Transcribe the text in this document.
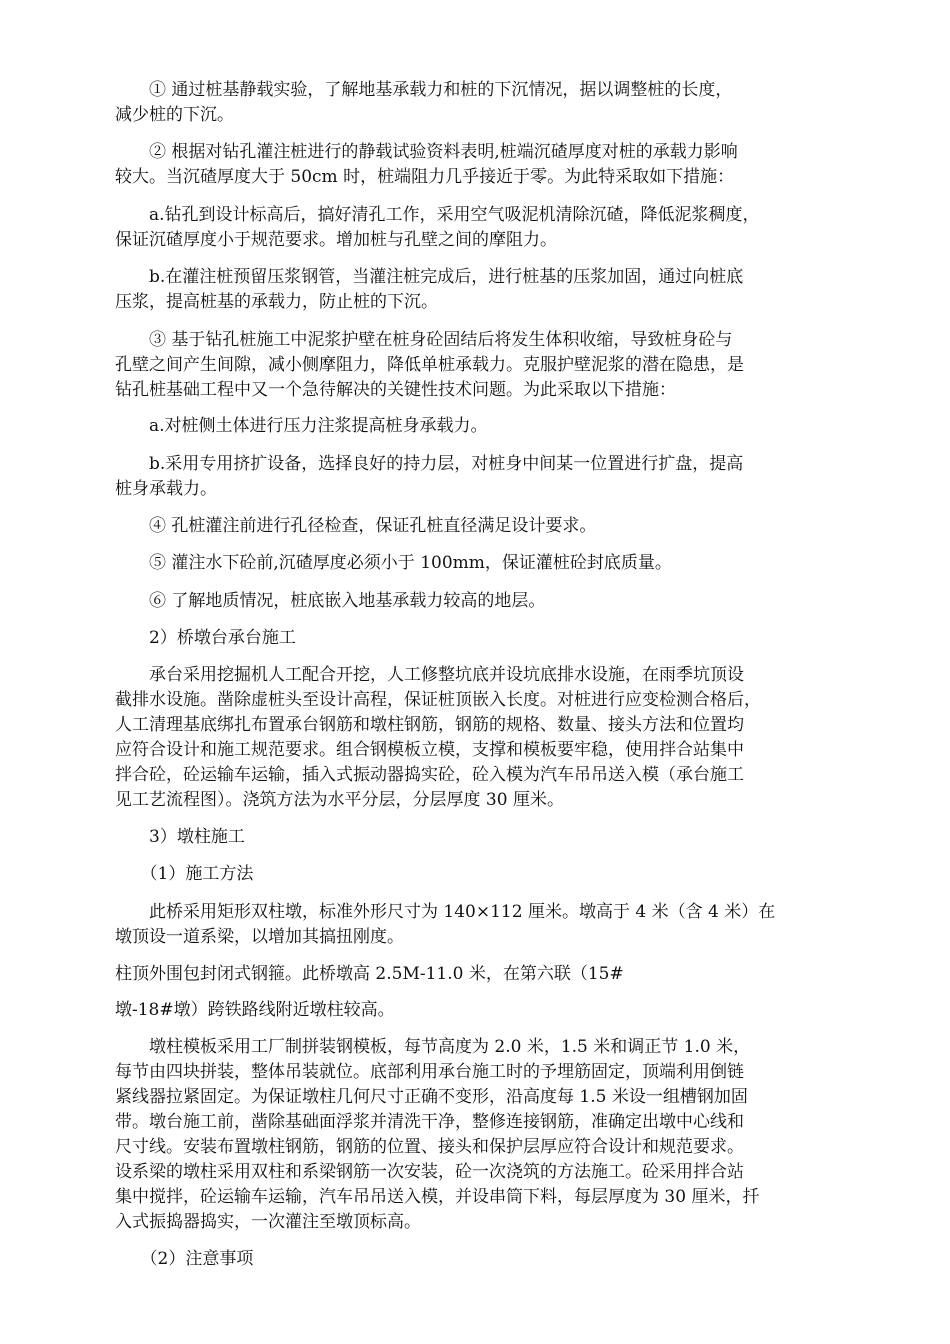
　　① 通过桩基静载实验，了解地基承载力和桩的下沉情况，据以调整桩的长度，
减少桩的下沉。

　　② 根据对钻孔灌注桩进行的静载试验资料表明,桩端沉碴厚度对桩的承载力影响
较大。当沉碴厚度大于 50cm 时，桩端阻力几乎接近于零。为此特采取如下措施：

　　a.钻孔到设计标高后，搞好清孔工作，采用空气吸泥机清除沉碴，降低泥浆稠度，
保证沉碴厚度小于规范要求。增加桩与孔壁之间的摩阻力。

　　b.在灌注桩预留压浆钢管，当灌注桩完成后，进行桩基的压浆加固，通过向桩底
压浆，提高桩基的承载力，防止桩的下沉。

　　③ 基于钻孔桩施工中泥浆护壁在桩身砼固结后将发生体积收缩，导致桩身砼与
孔壁之间产生间隙，减小侧摩阻力，降低单桩承载力。克服护壁泥浆的潜在隐患，是
钻孔桩基础工程中又一个急待解决的关键性技术问题。为此采取以下措施：

　　a.对桩侧土体进行压力注浆提高桩身承载力。

　　b.采用专用挤扩设备，选择良好的持力层，对桩身中间某一位置进行扩盘，提高
桩身承载力。

　　④ 孔桩灌注前进行孔径检查，保证孔桩直径满足设计要求。

　　⑤ 灌注水下砼前,沉碴厚度必须小于 100mm，保证灌桩砼封底质量。

　　⑥ 了解地质情况，桩底嵌入地基承载力较高的地层。

　　2）桥墩台承台施工

　　承台采用挖掘机人工配合开挖，人工修整坑底并设坑底排水设施，在雨季坑顶设
截排水设施。凿除虚桩头至设计高程，保证桩顶嵌入长度。对桩进行应变检测合格后，
人工清理基底绑扎布置承台钢筋和墩柱钢筋，钢筋的规格、数量、接头方法和位置均
应符合设计和施工规范要求。组合钢模板立模，支撑和模板要牢稳，使用拌合站集中
拌合砼，砼运输车运输，插入式振动器捣实砼，砼入模为汽车吊吊送入模（承台施工
见工艺流程图）。浇筑方法为水平分层，分层厚度 30 厘米。

　　3）墩柱施工

　　（1）施工方法

　　此桥采用矩形双柱墩，标准外形尺寸为 140×112 厘米。墩高于 4 米（含 4 米）在
墩顶设一道系梁，以增加其搞扭刚度。

柱顶外围包封闭式钢箍。此桥墩高 2.5M-11.0 米，在第六联（15#

墩-18#墩）跨铁路线附近墩柱较高。

　　墩柱模板采用工厂制拼装钢模板，每节高度为 2.0 米，1.5 米和调正节 1.0 米，
每节由四块拼装，整体吊装就位。底部利用承台施工时的予埋筋固定，顶端利用倒链
紧线器拉紧固定。为保证墩柱几何尺寸正确不变形，沿高度每 1.5 米设一组槽钢加固
带。墩台施工前，凿除基础面浮浆并清洗干净，整修连接钢筋，准确定出墩中心线和
尺寸线。安装布置墩柱钢筋，钢筋的位置、接头和保护层厚应符合设计和规范要求。
设系梁的墩柱采用双柱和系梁钢筋一次安装，砼一次浇筑的方法施工。砼采用拌合站
集中搅拌，砼运输车运输，汽车吊吊送入模，并设串筒下料，每层厚度为 30 厘米，扦
入式振捣器捣实，一次灌注至墩顶标高。

　　（2）注意事项
